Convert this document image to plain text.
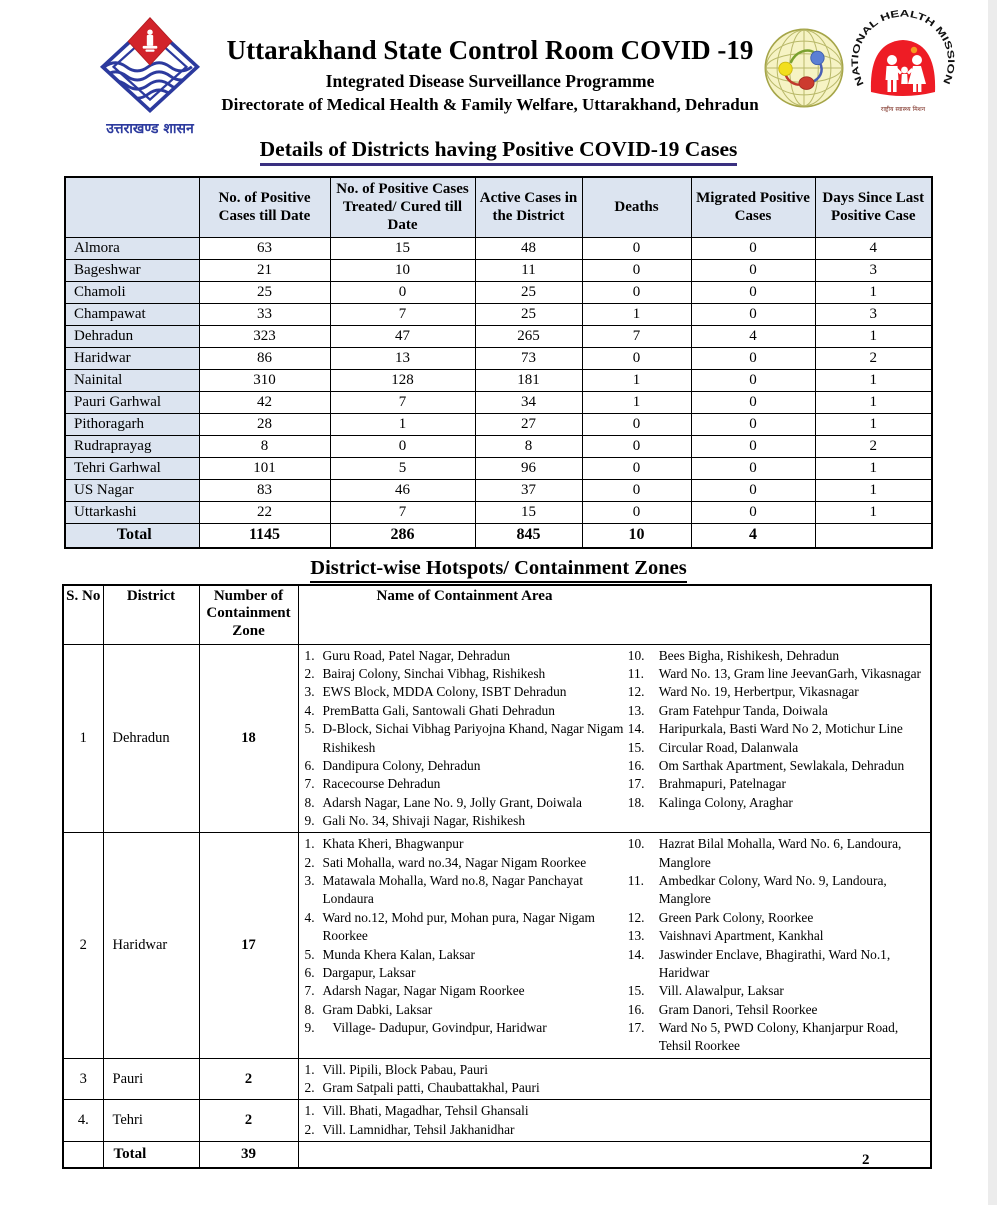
उत्तराखण्ड शासन
Uttarakhand State Control Room COVID -19
Integrated Disease Surveillance Programme
Directorate of Medical Health & Family Welfare, Uttarakhand, Dehradun
NATIONAL HEALTH MISSION
राष्ट्रीय स्वास्थ्य मिशन
Details of Districts having Positive COVID-19 Cases
	No. of Positive Cases till Date	No. of Positive Cases Treated/ Cured till Date	Active Cases in the District	Deaths	Migrated Positive Cases	Days Since Last Positive Case
Almora	63	15	48	0	0	4
Bageshwar	21	10	11	0	0	3
Chamoli	25	0	25	0	0	1
Champawat	33	7	25	1	0	3
Dehradun	323	47	265	7	4	1
Haridwar	86	13	73	0	0	2
Nainital	310	128	181	1	0	1
Pauri Garhwal	42	7	34	1	0	1
Pithoragarh	28	1	27	0	0	1
Rudraprayag	8	0	8	0	0	2
Tehri Garhwal	101	5	96	0	0	1
US Nagar	83	46	37	0	0	1
Uttarkashi	22	7	15	0	0	1
Total	1145	286	845	10	4	
District-wise Hotspots/ Containment Zones
S. No	District	Number of Containment Zone	Name of Containment Area
1	Dehradun	18	
1. Guru Road, Patel Nagar, Dehradun
2. Bairaj Colony, Sinchai Vibhag, Rishikesh
3. EWS Block, MDDA Colony, ISBT Dehradun
4. PremBatta Gali, Santowali Ghati Dehradun
5. D-Block, Sichai Vibhag Pariyojna Khand, Nagar Nigam Rishikesh
6. Dandipura Colony, Dehradun
7. Racecourse Dehradun
8. Adarsh Nagar, Lane No. 9, Jolly Grant, Doiwala
9. Gali No. 34, Shivaji Nagar, Rishikesh
10.	Bees Bigha, Rishikesh, Dehradun
11.	Ward No. 13, Gram line JeevanGarh, Vikasnagar
12.	Ward No. 19, Herbertpur, Vikasnagar
13.	Gram Fatehpur Tanda, Doiwala
14.	Haripurkala, Basti Ward No 2, Motichur Line
15.	Circular Road, Dalanwala
16.	Om Sarthak Apartment, Sewlakala, Dehradun
17.	Brahmapuri, Patelnagar
18.	Kalinga Colony, Araghar

2	Haridwar	17	
1. Khata Kheri, Bhagwanpur
2. Sati Mohalla, ward no.34, Nagar Nigam Roorkee
3. Matawala Mohalla, Ward no.8, Nagar Panchayat Londaura
4. Ward no.12, Mohd pur, Mohan pura, Nagar Nigam Roorkee
5. Munda Khera Kalan, Laksar
6. Dargapur, Laksar
7. Adarsh Nagar, Nagar Nigam Roorkee
8. Gram Dabki, Laksar
9. Village- Dadupur, Govindpur, Haridwar
10.	Hazrat Bilal Mohalla, Ward No. 6, Landoura, Manglore
11.	Ambedkar Colony, Ward No. 9, Landoura, Manglore
12.	Green Park Colony, Roorkee
13.	Vaishnavi Apartment, Kankhal
14.	Jaswinder Enclave, Bhagirathi, Ward No.1, Haridwar
15.	Vill. Alawalpur, Laksar
16.	Gram Danori, Tehsil Roorkee
17.	Ward No 5, PWD Colony, Khanjarpur Road, Tehsil Roorkee

3	Pauri	2	1. Vill. Pipili, Block Pabau, Pauri
2. Gram Satpali patti, Chaubattakhal, Pauri

4.	Tehri	2	1. Vill. Bhati, Magadhar, Tehsil Ghansali
2. Vill. Lamnidhar, Tehsil Jakhanidhar

	Total	39		2
